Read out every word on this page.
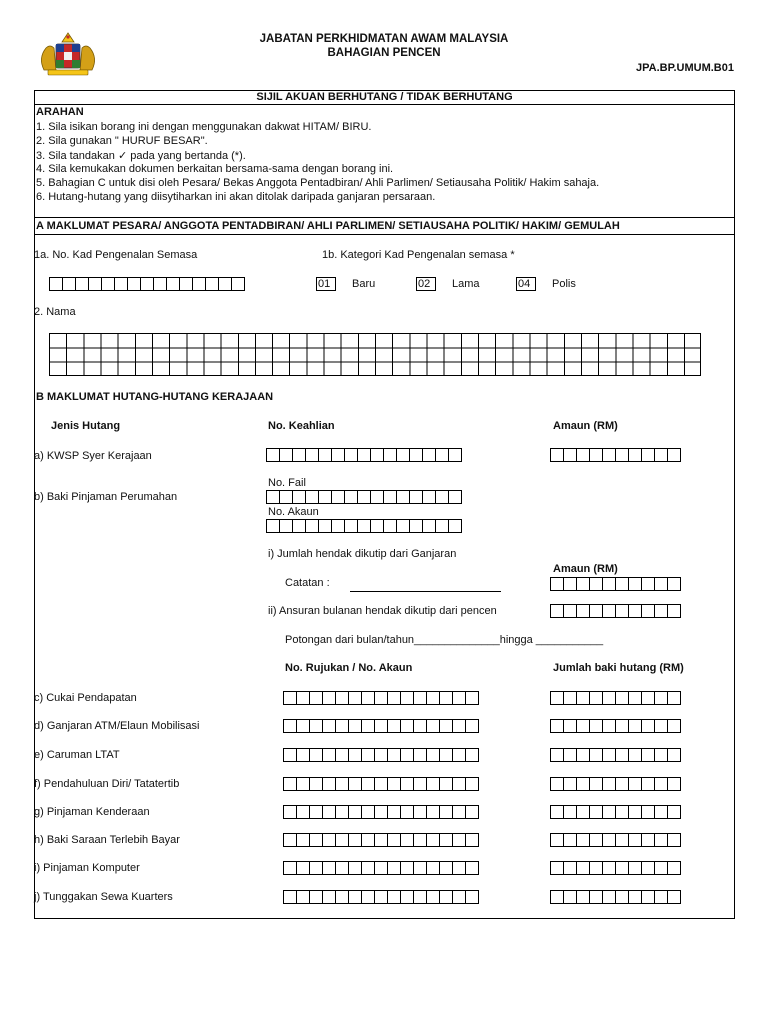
JABATAN PERKHIDMATAN AWAM MALAYSIA
BAHAGIAN PENCEN
JPA.BP.UMUM.B01
SIJIL AKUAN BERHUTANG / TIDAK BERHUTANG
ARAHAN
1. Sila isikan borang ini dengan menggunakan dakwat HITAM/ BIRU.
2. Sila gunakan " HURUF BESAR".
3. Sila tandakan ✓ pada yang bertanda (*).
4. Sila kemukakan dokumen berkaitan bersama-sama dengan borang ini.
5. Bahagian C untuk disi oleh Pesara/ Bekas Anggota Pentadbiran/ Ahli Parlimen/ Setiausaha Politik/ Hakim sahaja.
6. Hutang-hutang yang diisytiharkan ini akan ditolak daripada ganjaran persaraan.
A MAKLUMAT PESARA/ ANGGOTA PENTADBIRAN/ AHLI PARLIMEN/ SETIAUSAHA POLITIK/ HAKIM/ GEMULAH
1a. No. Kad Pengenalan Semasa	1b. Kategori Kad Pengenalan semasa *
01	Baru	02	Lama	04	Polis
2. Nama
B MAKLUMAT HUTANG-HUTANG KERAJAAN
Jenis Hutang	No. Keahlian	Amaun (RM)
a) KWSP Syer Kerajaan
No. Fail
b) Baki Pinjaman Perumahan
No. Akaun
i) Jumlah hendak dikutip dari Ganjaran
Amaun (RM)
Catatan :
ii) Ansuran bulanan hendak dikutip dari pencen
Potongan dari bulan/tahun______________hingga ___________
No. Rujukan / No. Akaun	Jumlah baki hutang (RM)
c) Cukai Pendapatan
d) Ganjaran ATM/Elaun Mobilisasi
e) Caruman LTAT
f) Pendahuluan Diri/ Tatatertib
g) Pinjaman Kenderaan
h) Baki Saraan Terlebih Bayar
i) Pinjaman Komputer
j) Tunggakan Sewa Kuarters
